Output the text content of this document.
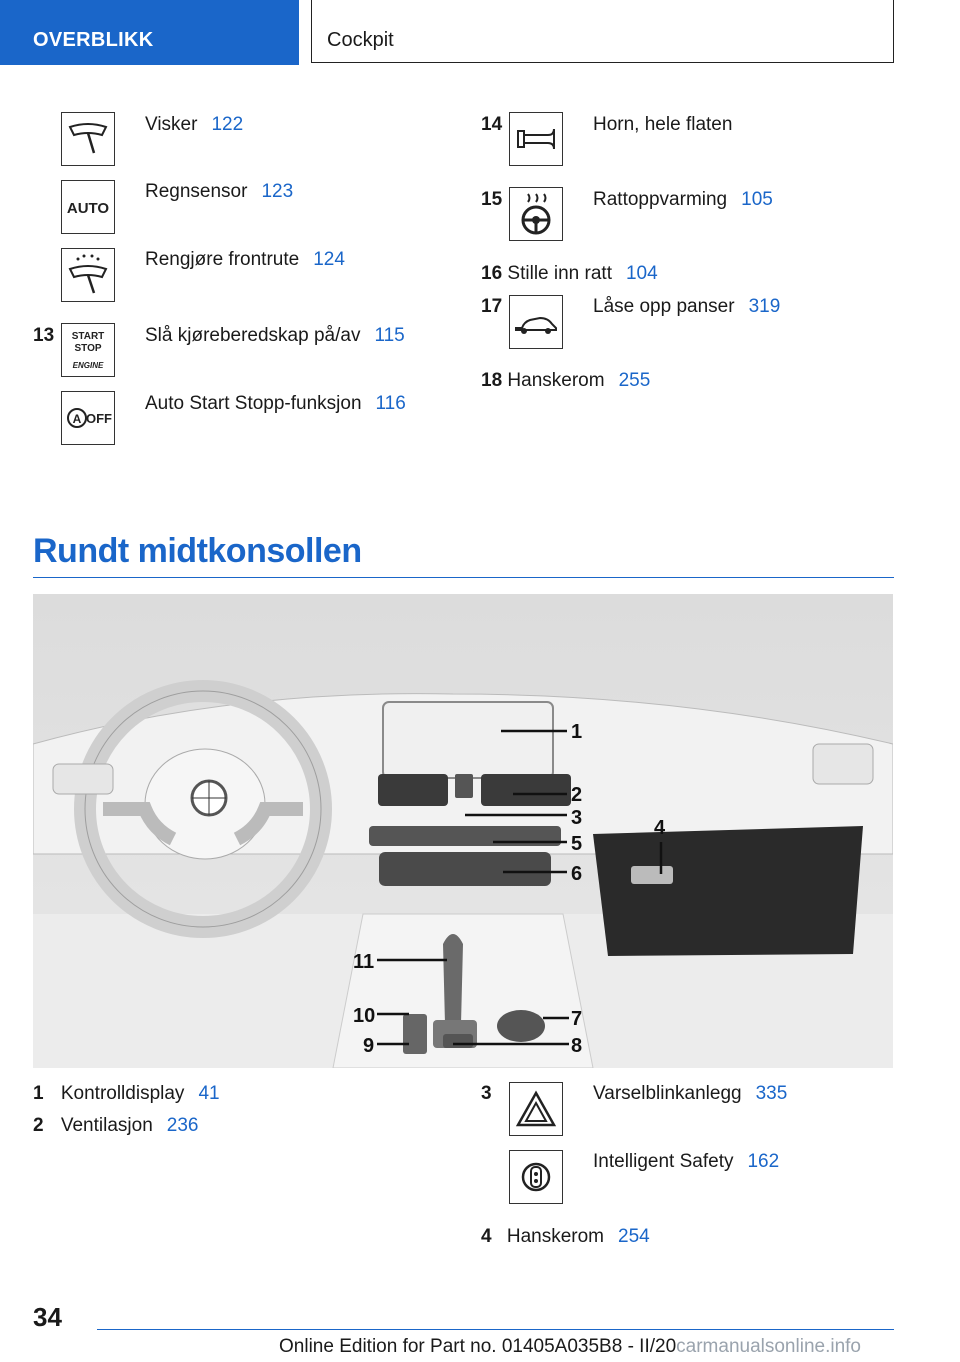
OVERBLIKK	Cockpit
Visker 122
AUTO
Regnsensor 123
Rengjøre frontrute 124
13 START
STOP
ENGINE
Slå kjøreberedskap på/av 115
A OFF
Auto Start Stopp-funksjon 116
14	Horn, hele flaten
15	Rattoppvarming 105
16 Stille inn ratt 104
17	Låse opp panser 319
18 Hanskerom 255
Rundt midtkonsollen
1
2
3	4
5
6
7
8
9
10
11
1 Kontrolldisplay 41
2 Ventilasjon 236
3	Varselblinkanlegg 335
Intelligent Safety 162
4 Hanskerom 254
34
Online Edition for Part no. 01405A035B8 - II/20carmanualsonline.info
